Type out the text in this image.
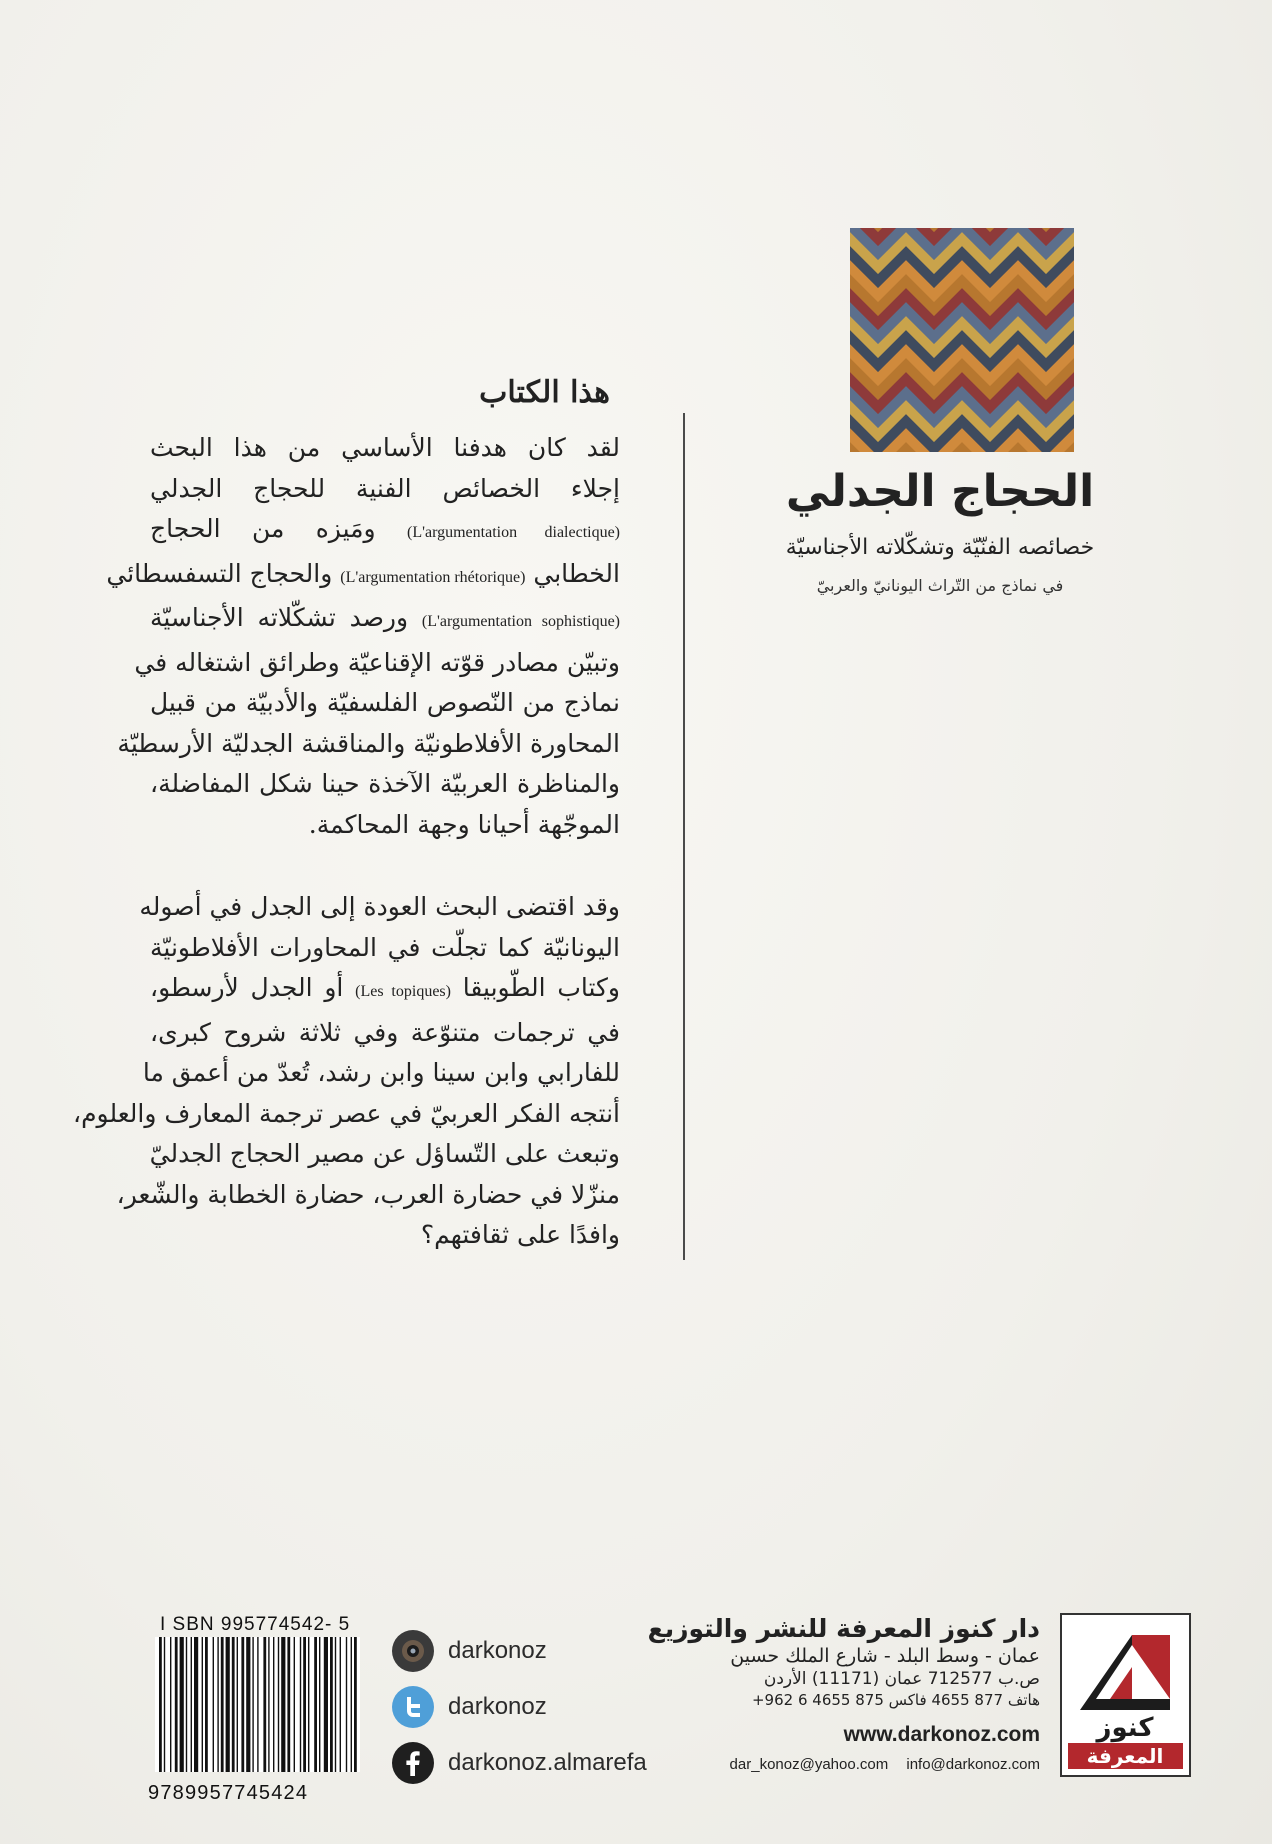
هذا الكتاب

لقد كان هدفنا الأساسي من هذا البحث
إجلاء الخصائص الفنية للحجاج الجدلي
(L'argumentation dialectique) ومَيزه من الحجاج
الخطابي (L'argumentation rhétorique) والحجاج التسفسطائي
(L'argumentation sophistique) ورصد تشكّلاته الأجناسيّة
وتبيّن مصادر قوّته الإقناعيّة وطرائق اشتغاله في
نماذج من النّصوص الفلسفيّة والأدبيّة من قبيل
المحاورة الأفلاطونيّة والمناقشة الجدليّة الأرسطيّة
والمناظرة العربيّة الآخذة حينا شكل المفاضلة،
الموجّهة أحيانا وجهة المحاكمة.

وقد اقتضى البحث العودة إلى الجدل في أصوله
اليونانيّة كما تجلّت في المحاورات الأفلاطونيّة
وكتاب الطّوبيقا (Les topiques) أو الجدل لأرسطو،
في ترجمات متنوّعة وفي ثلاثة شروح كبرى،
للفارابي وابن سينا وابن رشد، تُعدّ من أعمق ما
أنتجه الفكر العربيّ في عصر ترجمة المعارف والعلوم،
وتبعث على التّساؤل عن مصير الحجاج الجدليّ
منزّلا في حضارة العرب، حضارة الخطابة والشّعر،
وافدًا على ثقافتهم؟

الحجاج الجدلي
خصائصه الفنّيّة وتشكّلاته الأجناسيّة
في نماذج من التّراث اليونانيّ والعربيّ
I SBN 995774542- 5
9789957745424
darkonoz
darkonoz
darkonoz.almarefa
دار كنوز المعرفة للنشر والتوزيع
عمان - وسط البلد - شارع الملك حسين
ص.ب 712577 عمان (11171) الأردن
هاتف 877 4655 فاكس 875 4655 6 962+
www.darkonoz.com
dar_konoz@yahoo.com info@darkonoz.com
كنوز
المعرفة
